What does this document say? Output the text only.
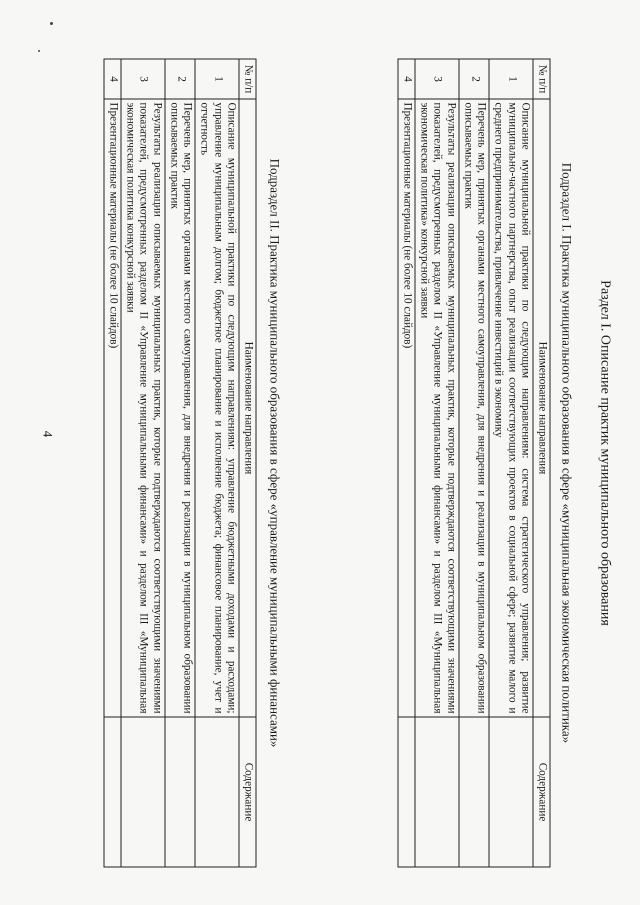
4	Раздел I. Описание практик муниципального образования
Подраздел I. Практика муниципального образования в сфере «муниципальная экономическая политика»
№ п/п	Наименование направления	Содержание
1	Описание муниципальной практики по следующим направлениям: система стратегического управления; развитие муниципально-частного партнерства, опыт реализации соответствующих проектов в социальной сфере; развитие малого и среднего предпринимательства, привлечение инвестиций в экономику	
2	Перечень мер, принятых органами местного самоуправления, для внедрения и реализации в муниципальном образовании описываемых практик	
3	Результаты реализации описываемых муниципальных практик, которые подтверждаются соответствующими значениями показателей, предусмотренных разделом II «Управление муниципальными финансами» и разделом III «Муниципальная экономическая политика» конкурсной заявки	
4	Презентационные материалы (не более 10 слайдов)	
Подраздел II. Практика муниципального образования в сфере «управление муниципальными финансами»
№ п/п	Наименование направления	Содержание
1	Описание муниципальной практики по следующим направлениям: управление бюджетными доходами и расходами; управление муниципальным долгом; бюджетное планирование и исполнение бюджета; финансовое планирование, учет и отчетность	
2	Перечень мер, принятых органами местного самоуправления, для внедрения и реализации в муниципальном образовании описываемых практик	
3	Результаты реализации описываемых муниципальных практик, которые подтверждаются соответствующими значениями показателей, предусмотренных разделом II «Управление муниципальными финансами» и разделом III «Муниципальная экономическая политика конкурсной заявки	
4	Презентационные материалы (не более 10 слайдов)	
